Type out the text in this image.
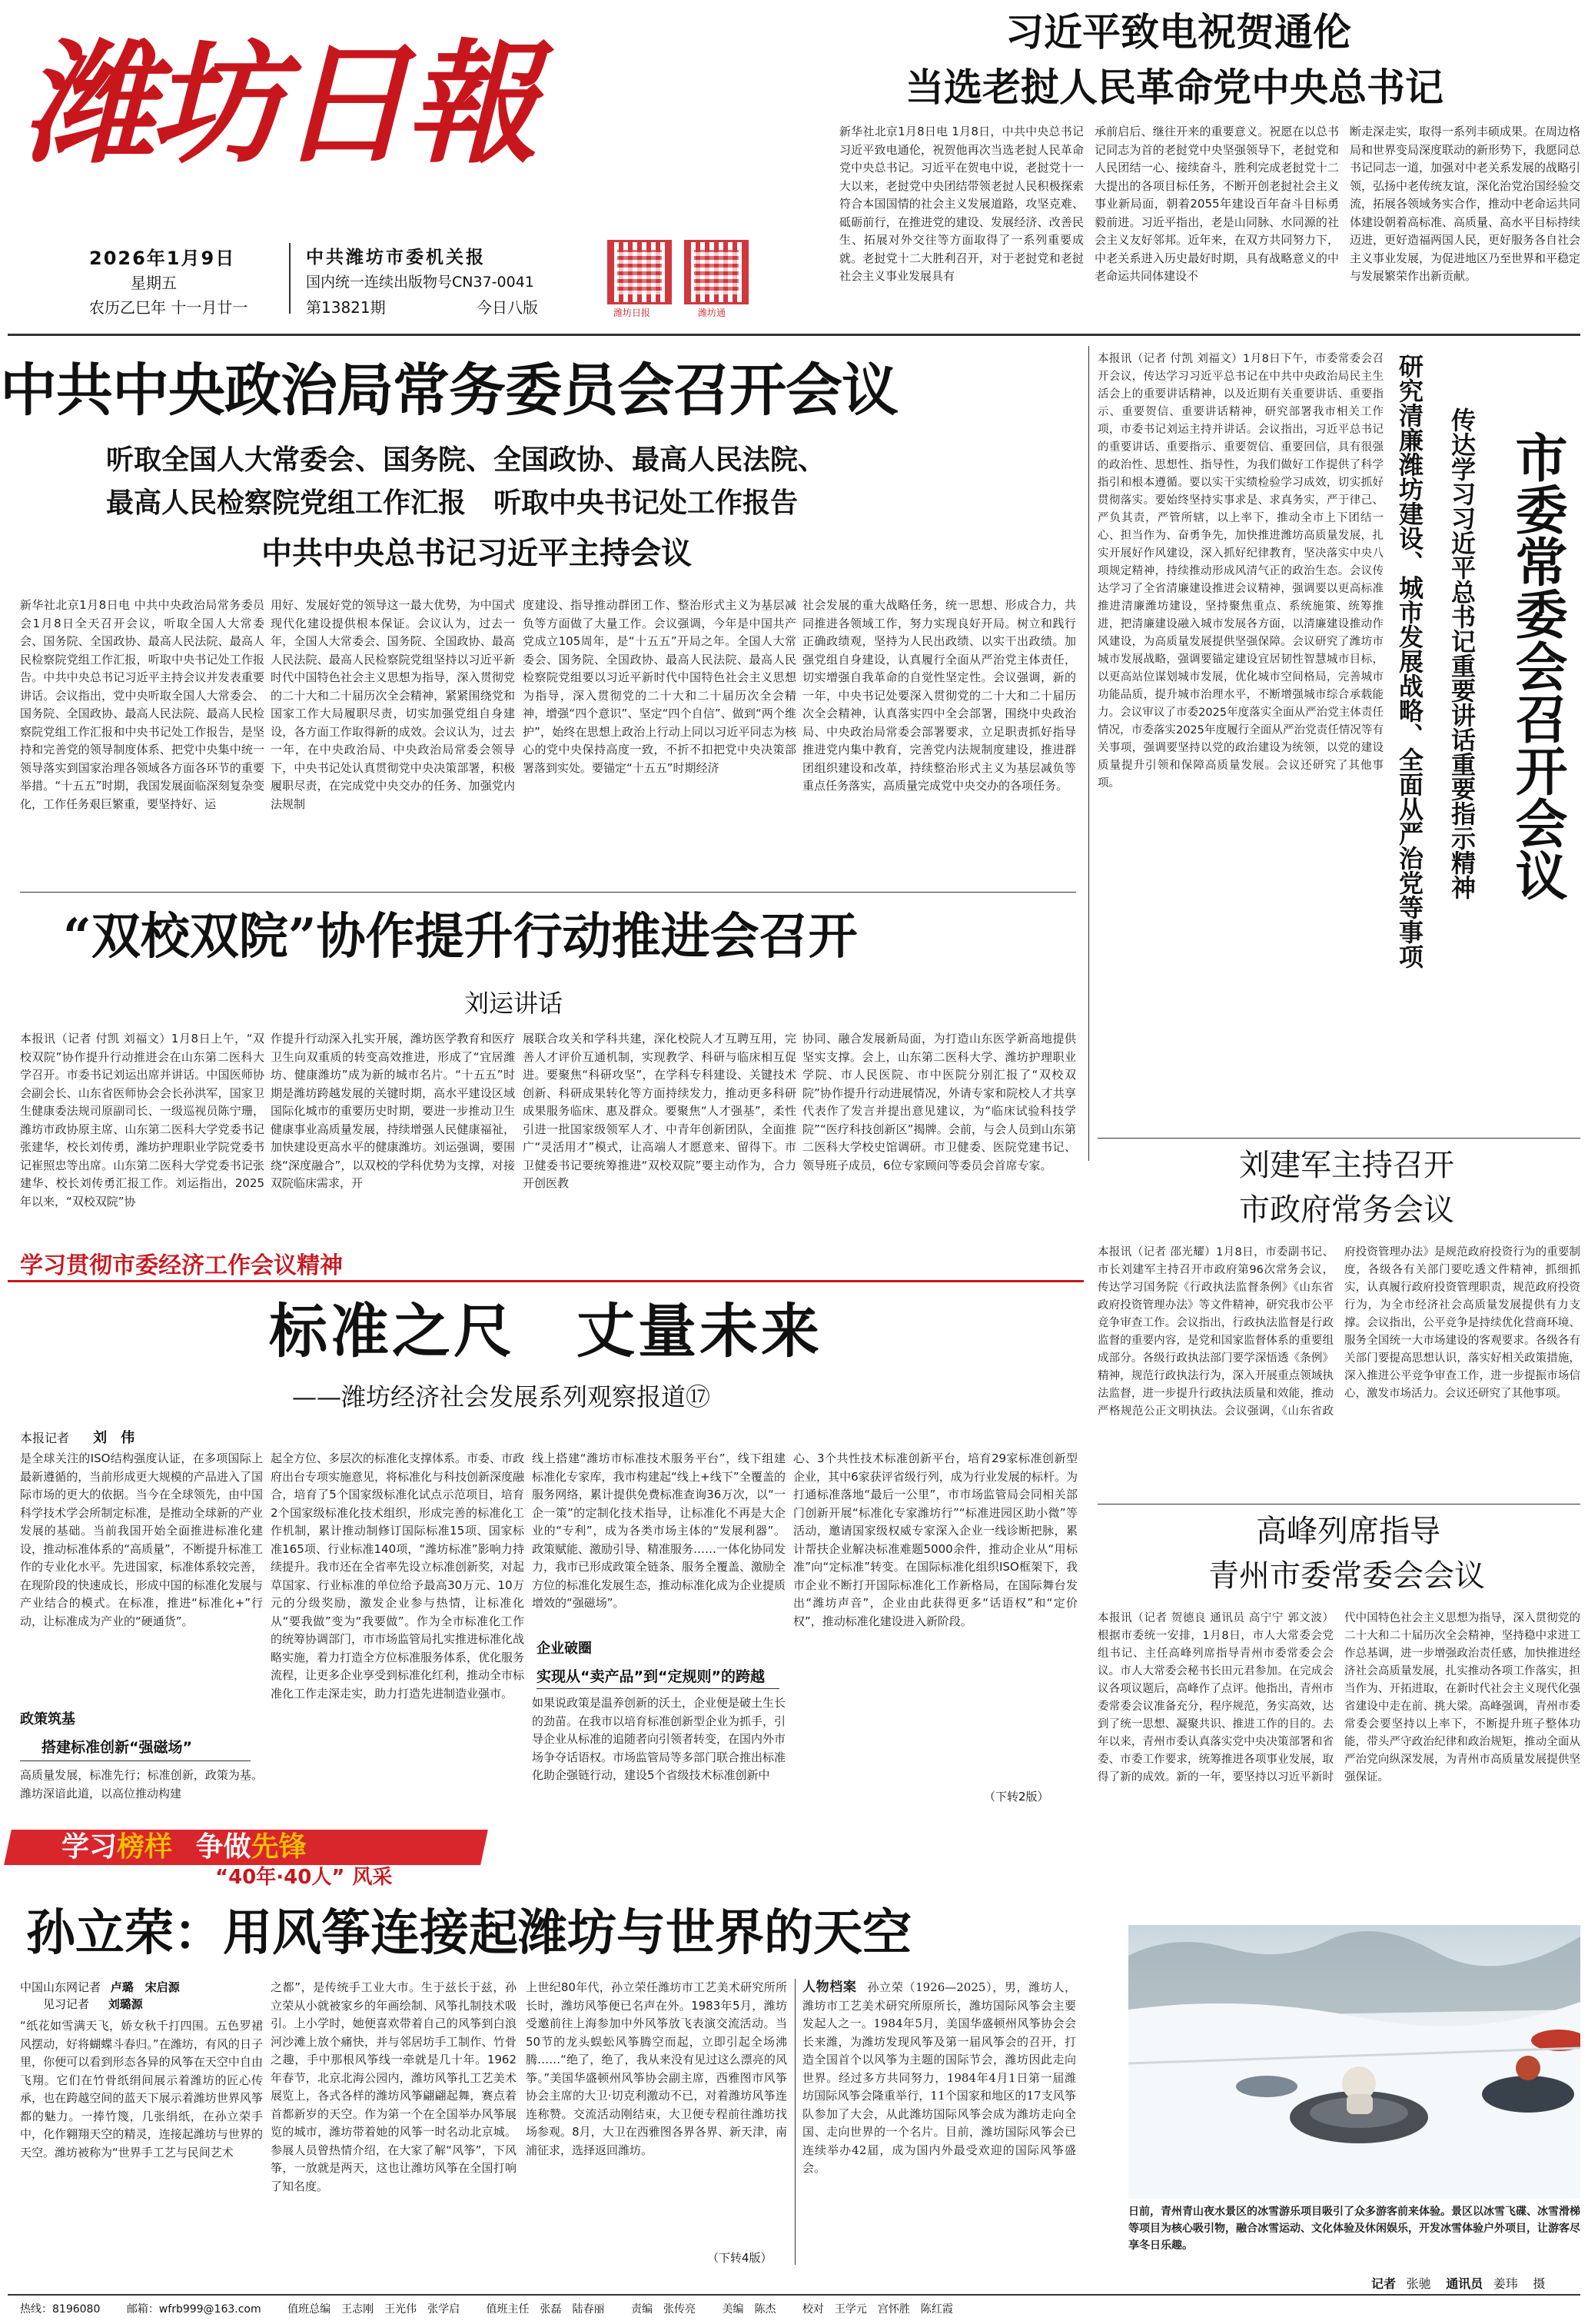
潍坊日報
2026年1月9日
星期五
农历乙巳年 十一月廿一
中共潍坊市委机关报
国内统一连续出版物号CN37-0041
第13821期	今日八版	潍坊日报	潍坊通
习近平致电祝贺通伦
当选老挝人民革命党中央总书记
新华社北京1月8日电 1月8日，中共中央总书记习近平致电通伦，祝贺他再次当选老挝人民革命党中央总书记。习近平在贺电中说，老挝党十一大以来，老挝党中央团结带领老挝人民积极探索符合本国国情的社会主义发展道路，攻坚克难、砥砺前行，在推进党的建设、发展经济、改善民生、拓展对外交往等方面取得了一系列重要成就。老挝党十二大胜利召开，对于老挝党和老挝社会主义事业发展具有
承前启后、继往开来的重要意义。祝愿在以总书记同志为首的老挝党中央坚强领导下，老挝党和人民团结一心、接续奋斗，胜利完成老挝党十二大提出的各项目标任务，不断开创老挝社会主义事业新局面，朝着2055年建设百年奋斗目标勇毅前进。习近平指出，老是山同脉、水同源的社会主义友好邻邦。近年来，在双方共同努力下，中老关系进入历史最好时期，具有战略意义的中老命运共同体建设不
断走深走实，取得一系列丰硕成果。在周边格局和世界变局深度联动的新形势下，我愿同总书记同志一道，加强对中老关系发展的战略引领，弘扬中老传统友谊，深化治党治国经验交流，拓展各领域务实合作，推动中老命运共同体建设朝着高标准、高质量、高水平目标持续迈进，更好造福两国人民，更好服务各自社会主义事业发展，为促进地区乃至世界和平稳定与发展繁荣作出新贡献。
中共中央政治局常务委员会召开会议
听取全国人大常委会、国务院、全国政协、最高人民法院、
最高人民检察院党组工作汇报　听取中央书记处工作报告
中共中央总书记习近平主持会议
新华社北京1月8日电 中共中央政治局常务委员会1月8日全天召开会议，听取全国人大常委会、国务院、全国政协、最高人民法院、最高人民检察院党组工作汇报，听取中央书记处工作报告。中共中央总书记习近平主持会议并发表重要讲话。会议指出，党中央听取全国人大常委会、国务院、全国政协、最高人民法院、最高人民检察院党组工作汇报和中央书记处工作报告，是坚持和完善党的领导制度体系、把党中央集中统一领导落实到国家治理各领域各方面各环节的重要举措。“十五五”时期，我国发展面临深刻复杂变化，工作任务艰巨繁重，要坚持好、运
用好、发展好党的领导这一最大优势，为中国式现代化建设提供根本保证。会议认为，过去一年，全国人大常委会、国务院、全国政协、最高人民法院、最高人民检察院党组坚持以习近平新时代中国特色社会主义思想为指导，深入贯彻党的二十大和二十届历次全会精神，紧紧围绕党和国家工作大局履职尽责，切实加强党组自身建设，各方面工作取得新的成效。会议认为，过去一年，在中央政治局、中央政治局常委会领导下，中央书记处认真贯彻党中央决策部署，积极履职尽责，在完成党中央交办的任务、加强党内法规制
度建设、指导推动群团工作、整治形式主义为基层减负等方面做了大量工作。会议强调，今年是中国共产党成立105周年，是“十五五”开局之年。全国人大常委会、国务院、全国政协、最高人民法院、最高人民检察院党组要以习近平新时代中国特色社会主义思想为指导，深入贯彻党的二十大和二十届历次全会精神，增强“四个意识”、坚定“四个自信”、做到“两个维护”，始终在思想上政治上行动上同以习近平同志为核心的党中央保持高度一致，不折不扣把党中央决策部署落到实处。要锚定“十五五”时期经济
社会发展的重大战略任务，统一思想、形成合力，共同推进各领域工作，努力实现良好开局。树立和践行正确政绩观，坚持为人民出政绩、以实干出政绩。加强党组自身建设，认真履行全面从严治党主体责任，切实增强自我革命的自觉性坚定性。会议强调，新的一年，中央书记处要深入贯彻党的二十大和二十届历次全会精神，认真落实四中全会部署，围绕中央政治局、中央政治局常委会部署要求，立足职责抓好指导推进党内集中教育，完善党内法规制度建设，推进群团组织建设和改革，持续整治形式主义为基层减负等重点任务落实，高质量完成党中央交办的各项任务。
“双校双院”协作提升行动推进会召开
刘运讲话
本报讯（记者 付凯 刘福文）1月8日上午，“双校双院”协作提升行动推进会在山东第二医科大学召开。市委书记刘运出席并讲话。中国医师协会副会长、山东省医师协会会长孙洪军，国家卫生健康委法规司原副司长、一级巡视员陈宁珊，潍坊市政协原主席、山东第二医科大学党委书记张建华，校长刘传勇，潍坊护理职业学院党委书记崔照忠等出席。山东第二医科大学党委书记张建华、校长刘传勇汇报工作。刘运指出，2025年以来，“双校双院”协
作提升行动深入扎实开展，潍坊医学教育和医疗卫生向双重质的转变高效推进，形成了“宜居潍坊、健康潍坊”成为新的城市名片。“十五五”时期是潍坊跨越发展的关键时期，高水平建设区域国际化城市的重要历史时期，要进一步推动卫生健康事业高质量发展，持续增强人民健康福祉，加快建设更高水平的健康潍坊。刘运强调，要围绕“深度融合”，以双校的学科优势为支撑，对接双院临床需求，开
展联合攻关和学科共建，深化校院人才互聘互用，完善人才评价互通机制，实现教学、科研与临床相互促进。要聚焦“科研攻坚”，在学科专科建设、关键技术创新、科研成果转化等方面持续发力，推动更多科研成果服务临床、惠及群众。要聚焦“人才强基”，柔性引进一批国家级领军人才、中青年创新团队，全面推广“灵活用才”模式，让高端人才愿意来、留得下。市卫健委书记要统筹推进“双校双院”要主动作为，合力开创医教
协同、融合发展新局面，为打造山东医学新高地提供坚实支撑。会上，山东第二医科大学、潍坊护理职业学院、市人民医院、市中医院分别汇报了“双校双院”协作提升行动进展情况，外请专家和院校人才共享代表作了发言并提出意见建议，为“临床试验科技学院”“医疗科技创新区”揭牌。会前，与会人员到山东第二医科大学校史馆调研。市卫健委、医院党建书记、领导班子成员，6位专家顾问等委员会首席专家。
学习贯彻市委经济工作会议精神
标准之尺　丈量未来
——潍坊经济社会发展系列观察报道⑰
本报记者 刘　伟
是全球关注的ISO结构强度认证，在多项国际上最新遵循的，当前形成更大规模的产品进入了国际市场的更大的依据。当今在全球领先，由中国科学技术学会所制定标准，是推动全球新的产业发展的基础。当前我国开始全面推进标准化建设，推动标准体系的“高质量”，不断提升标准工作的专业化水平。先进国家，标准体系较完善，在现阶段的快速成长，形成中国的标准化发展与产业结合的模式。在标准，推进“标准化+”行动，让标准成为产业的“硬通货”。
政策筑基
搭建标准创新“强磁场”
高质量发展，标准先行；标准创新，政策为基。潍坊深谙此道，以高位推动构建
起全方位、多层次的标准化支撑体系。市委、市政府出台专项实施意见，将标准化与科技创新深度融合，培育了5个国家级标准化试点示范项目，培育2个国家级标准化技术组织，形成完善的标准化工作机制，累计推动制修订国际标准15项、国家标准165项、行业标准140项，“潍坊标准”影响力持续提升。我市还在全省率先设立标准创新奖，对起草国家、行业标准的单位给予最高30万元、10万元的分级奖励，激发企业参与热情，让标准化从“要我做”变为“我要做”。作为全市标准化工作的统筹协调部门，市市场监管局扎实推进标准化战略实施，着力打造全方位标准服务体系，优化服务流程，让更多企业享受到标准化红利，推动全市标准化工作走深走实，助力打造先进制造业强市。
线上搭建“潍坊市标准技术服务平台”，线下组建标准化专家库，我市构建起“线上+线下”全覆盖的服务网络，累计提供免费标准查询36万次，以“一企一策”的定制化技术指导，让标准化不再是大企业的“专利”，成为各类市场主体的“发展利器”。政策赋能、激励引导、精准服务……一体化协同发力，我市已形成政策全链条、服务全覆盖、激励全方位的标准化发展生态，推动标准化成为企业提质增效的“强磁场”。
企业破圈
实现从“卖产品”到“定规则”的跨越
如果说政策是温养创新的沃土，企业便是破土生长的劲苗。在我市以培育标准创新型企业为抓手，引导企业从标准的追随者向引领者转变，在国内外市场争夺话语权。市场监管局等多部门联合推出标准化助企强链行动，建设5个省级技术标准创新中
心、3个共性技术标准创新平台，培育29家标准创新型企业，其中6家获评省级行列，成为行业发展的标杆。为打通标准落地“最后一公里”，市市场监管局会同相关部门创新开展“标准化专家潍坊行”“标准进园区助小微”等活动，邀请国家级权威专家深入企业一线诊断把脉，累计帮扶企业解决标准难题5000余件，推动企业从“用标准”向“定标准”转变。在国际标准化组织ISO框架下，我市企业不断打开国际标准化工作新格局，在国际舞台发出“潍坊声音”，企业由此获得更多“话语权”和“定价权”，推动标准化建设进入新阶段。
（下转2版）
学习榜样 争做先锋
“40年·40人” 风采
孙立荣：用风筝连接起潍坊与世界的天空
中国山东网记者 卢璐　宋启源
见习记者 刘璐源
“纸花如雪满天飞，娇女秋千打四围。五色罗裙风摆动，好将蝴蝶斗春归。”在潍坊，有风的日子里，你便可以看到形态各异的风筝在天空中自由飞翔。它们在竹骨纸绢间展示着潍坊的匠心传承，也在跨越空间的蓝天下展示着潍坊世界风筝都的魅力。一捧竹篾，几张绢纸，在孙立荣手中，化作翱翔天空的精灵，连接起潍坊与世界的天空。潍坊被称为“世界手工艺与民间艺术
之都”，是传统手工业大市。生于兹长于兹，孙立荣从小就被家乡的年画绘制、风筝扎制技术吸引。上小学时，她便喜欢带着自己的风筝到白浪河沙滩上放个痛快，并与邻居坊手工制作、竹骨之趣，手中那根风筝线一牵就是几十年。1962年春节，北京北海公园内，潍坊风筝扎工艺美术展览上，各式各样的潍坊风筝翩翩起舞，赛点着首都新岁的天空。作为第一个在全国举办风筝展览的城市，潍坊带着她的风筝一时名动北京城。参展人员曾热情介绍，在大家了解“风筝”，下风筝，一放就是两天，这也让潍坊风筝在全国打响了知名度。
上世纪80年代，孙立荣任潍坊市工艺美术研究所所长时，潍坊风筝便已名声在外。1983年5月，潍坊受邀前往上海参加中外风筝放飞表演交流活动。当50节的龙头蜈蚣风筝腾空而起，立即引起全场沸腾……“绝了，绝了，我从来没有见过这么漂亮的风筝。”美国华盛顿州风筝协会副主席，西雅图市风筝协会主席的大卫·切克利激动不已，对着潍坊风筝连连称赞。交流活动刚结束，大卫便专程前往潍坊找场参观。8月，大卫在西雅图各界各界、新天津，南浦征求，选择返回潍坊。
（下转4版）
人物档案 孙立荣（1926—2025），男，潍坊人，潍坊市工艺美术研究所原所长，潍坊国际风筝会主要发起人之一。1984年5月，美国华盛顿州风筝协会会长来潍，为潍坊发现风筝及第一届风筝会的召开，打造全国首个以风筝为主题的国际节会，潍坊因此走向世界。经过多方共同努力，1984年4月1日第一届潍坊国际风筝会隆重举行，11个国家和地区的17支风筝队参加了大会，从此潍坊国际风筝会成为潍坊走向全国、走向世界的一个名片。目前，潍坊国际风筝会已连续举办42届，成为国内外最受欢迎的国际风筝盛会。
市委常委会召开会议
传达学习习近平总书记重要讲话重要指示精神
研究清廉潍坊建设、城市发展战略、全面从严治党等事项
本报讯（记者 付凯 刘福文）1月8日下午，市委常委会召开会议，传达学习习近平总书记在中共中央政治局民主生活会上的重要讲话精神，以及近期有关重要讲话、重要指示、重要贺信、重要讲话精神，研究部署我市相关工作项，市委书记刘运主持并讲话。会议指出，习近平总书记的重要讲话、重要指示、重要贺信、重要回信，具有很强的政治性、思想性、指导性，为我们做好工作提供了科学指引和根本遵循。要以实干实绩检验学习成效，切实抓好贯彻落实。要始终坚持实事求是、求真务实，严于律己、严负其责，严管所辖，以上率下，推动全市上下团结一心、担当作为、奋勇争先，加快推进潍坊高质量发展，扎实开展好作风建设，深入抓好纪律教育，坚决落实中央八项规定精神，持续推动形成风清气正的政治生态。会议传达学习了全省清廉建设推进会议精神，强调要以更高标准推进清廉潍坊建设，坚持聚焦重点、系统施策、统筹推进，把清廉建设融入城市发展各方面，以清廉建设推动作风建设，为高质量发展提供坚强保障。会议研究了潍坊市城市发展战略，强调要锚定建设宜居韧性智慧城市目标，以更高站位谋划城市发展，优化城市空间格局，完善城市功能品质，提升城市治理水平，不断增强城市综合承载能力。会议审议了市委2025年度落实全面从严治党主体责任情况，市委落实2025年度履行全面从严治党责任情况等有关事项，强调要坚持以党的政治建设为统领，以党的建设质量提升引领和保障高质量发展。会议还研究了其他事项。
刘建军主持召开
市政府常务会议
本报讯（记者 邵光耀）1月8日，市委副书记、市长刘建军主持召开市政府第96次常务会议，传达学习国务院《行政执法监督条例》《山东省政府投资管理办法》等文件精神，研究我市公平竞争审查工作。会议指出，行政执法监督是行政监督的重要内容，是党和国家监督体系的重要组成部分。各级行政执法部门要学深悟透《条例》精神，规范行政执法行为，深入开展重点领域执法监督，进一步提升行政执法质量和效能，推动严格规范公正文明执法。会议强调，《山东省政府投资管理办法》是规范政府投资行为的重要制度，各级各有关部门要吃透文件精神，抓细抓实，认真履行政府投资管理职责，规范政府投资行为，为全市经济社会高质量发展提供有力支撑。会议指出，公平竞争是持续优化营商环境、服务全国统一大市场建设的客观要求。各级各有关部门要提高思想认识，落实好相关政策措施，深入推进公平竞争审查工作，进一步提振市场信心，激发市场活力。会议还研究了其他事项。
高峰列席指导
青州市委常委会会议
本报讯（记者 贺德良 通讯员 高宁宁 郭文波）根据市委统一安排，1月8日，市人大常委会党组书记、主任高峰列席指导青州市委常委会会议。市人大常委会秘书长田元君参加。在完成会议各项议题后，高峰作了点评。他指出，青州市委常委会议准备充分，程序规范，务实高效，达到了统一思想、凝聚共识、推进工作的目的。去年以来，青州市委认真落实党中央决策部署和省委、市委工作要求，统筹推进各项事业发展，取得了新的成效。新的一年，要坚持以习近平新时代中国特色社会主义思想为指导，深入贯彻党的二十大和二十届历次全会精神，坚持稳中求进工作总基调，进一步增强政治责任感，加快推进经济社会高质量发展，扎实推动各项工作落实，担当作为、开拓进取，在新时代社会主义现代化强省建设中走在前、挑大梁。高峰强调，青州市委常委会要坚持以上率下，不断提升班子整体功能，带头严守政治纪律和政治规矩，推动全面从严治党向纵深发展，为青州市高质量发展提供坚强保证。
日前，青州青山夜水景区的冰雪游乐项目吸引了众多游客前来体验。景区以冰雪飞碟、冰雪滑梯等项目为核心吸引物，融合冰雪运动、文化体验及休闲娱乐，开发冰雪体验户外项目，让游客尽享冬日乐趣。
记者 张驰 通讯员 姜玮 摄
热线：8196080 邮箱：wfrb999@163.com 值班总编　王志刚　王光伟　张学启 值班主任　张磊　陆春丽 责编　张传亮 美编　陈杰 校对　王学元　宫怀胜　陈红霞
